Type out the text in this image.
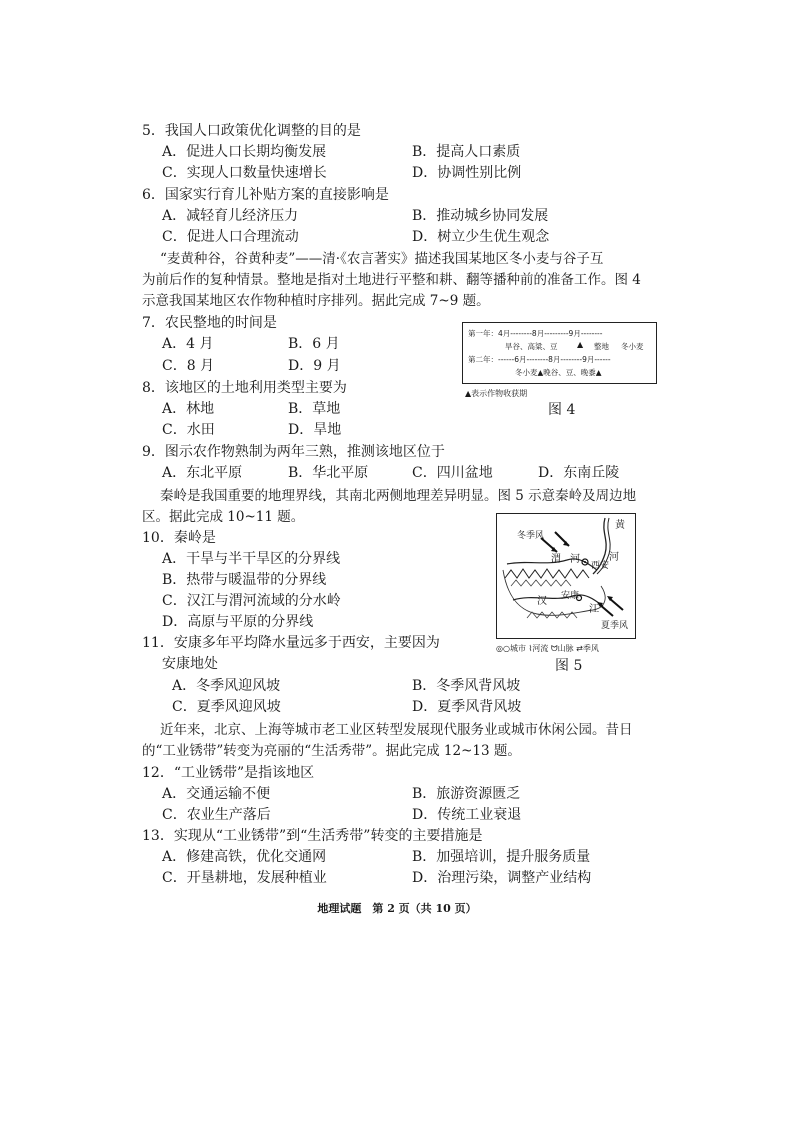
5．我国人口政策优化调整的目的是
A．促进人口长期均衡发展	B．提高人口素质
C．实现人口数量快速增长	D．协调性别比例
6．国家实行育儿补贴方案的直接影响是
A．减轻育儿经济压力	B．推动城乡协同发展
C．促进人口合理流动	D．树立少生优生观念
“麦黄种谷，谷黄种麦”——清·《农言著实》描述我国某地区冬小麦与谷子互
为前后作的复种情景。整地是指对土地进行平整和耕、翻等播种前的准备工作。图 4
示意我国某地区农作物种植时序排列。据此完成 7~9 题。
7．农民整地的时间是
A．4 月	B．6 月
C．8 月	D．9 月
第一年：4月--------8月---------9月--------
旱谷、高粱、豆 ▲ 整地 冬小麦
第二年：------6月--------8月--------9月------
冬小麦▲晚谷、豆、晚黍▲
▲表示作物收获期
图 4
8．该地区的土地利用类型主要为
A．林地	B．草地
C．水田	D．旱地
9．图示农作物熟制为两年三熟，推测该地区位于
A．东北平原	B．华北平原	C．四川盆地	D．东南丘陵
秦岭是我国重要的地理界线，其南北两侧地理差异明显。图 5 示意秦岭及周边地
区。据此完成 10~11 题。
10．秦岭是
A．干旱与半干旱区的分界线
B．热带与暖温带的分界线
C．汉江与渭河流域的分水岭
D．高原与平原的分界线
11．安康多年平均降水量远多于西安，主要因为
安康地处
A．冬季风迎风坡	B．冬季风背风坡
C．夏季风迎风坡	D．夏季风背风坡
冬季风
渭 河
西安
汉 安康
江
夏季风
黄
河
◎○城市 ⌇河流 ᗢ山脉 ⇄季风
图 5
近年来，北京、上海等城市老工业区转型发展现代服务业或城市休闲公园。昔日
的“工业锈带”转变为亮丽的“生活秀带”。据此完成 12~13 题。
12．“工业锈带”是指该地区
A．交通运输不便	B．旅游资源匮乏
C．农业生产落后	D．传统工业衰退
13．实现从“工业锈带”到“生活秀带”转变的主要措施是
A．修建高铁，优化交通网	B．加强培训，提升服务质量
C．开垦耕地，发展种植业	D．治理污染，调整产业结构
地理试题　第 2 页（共 10 页）
